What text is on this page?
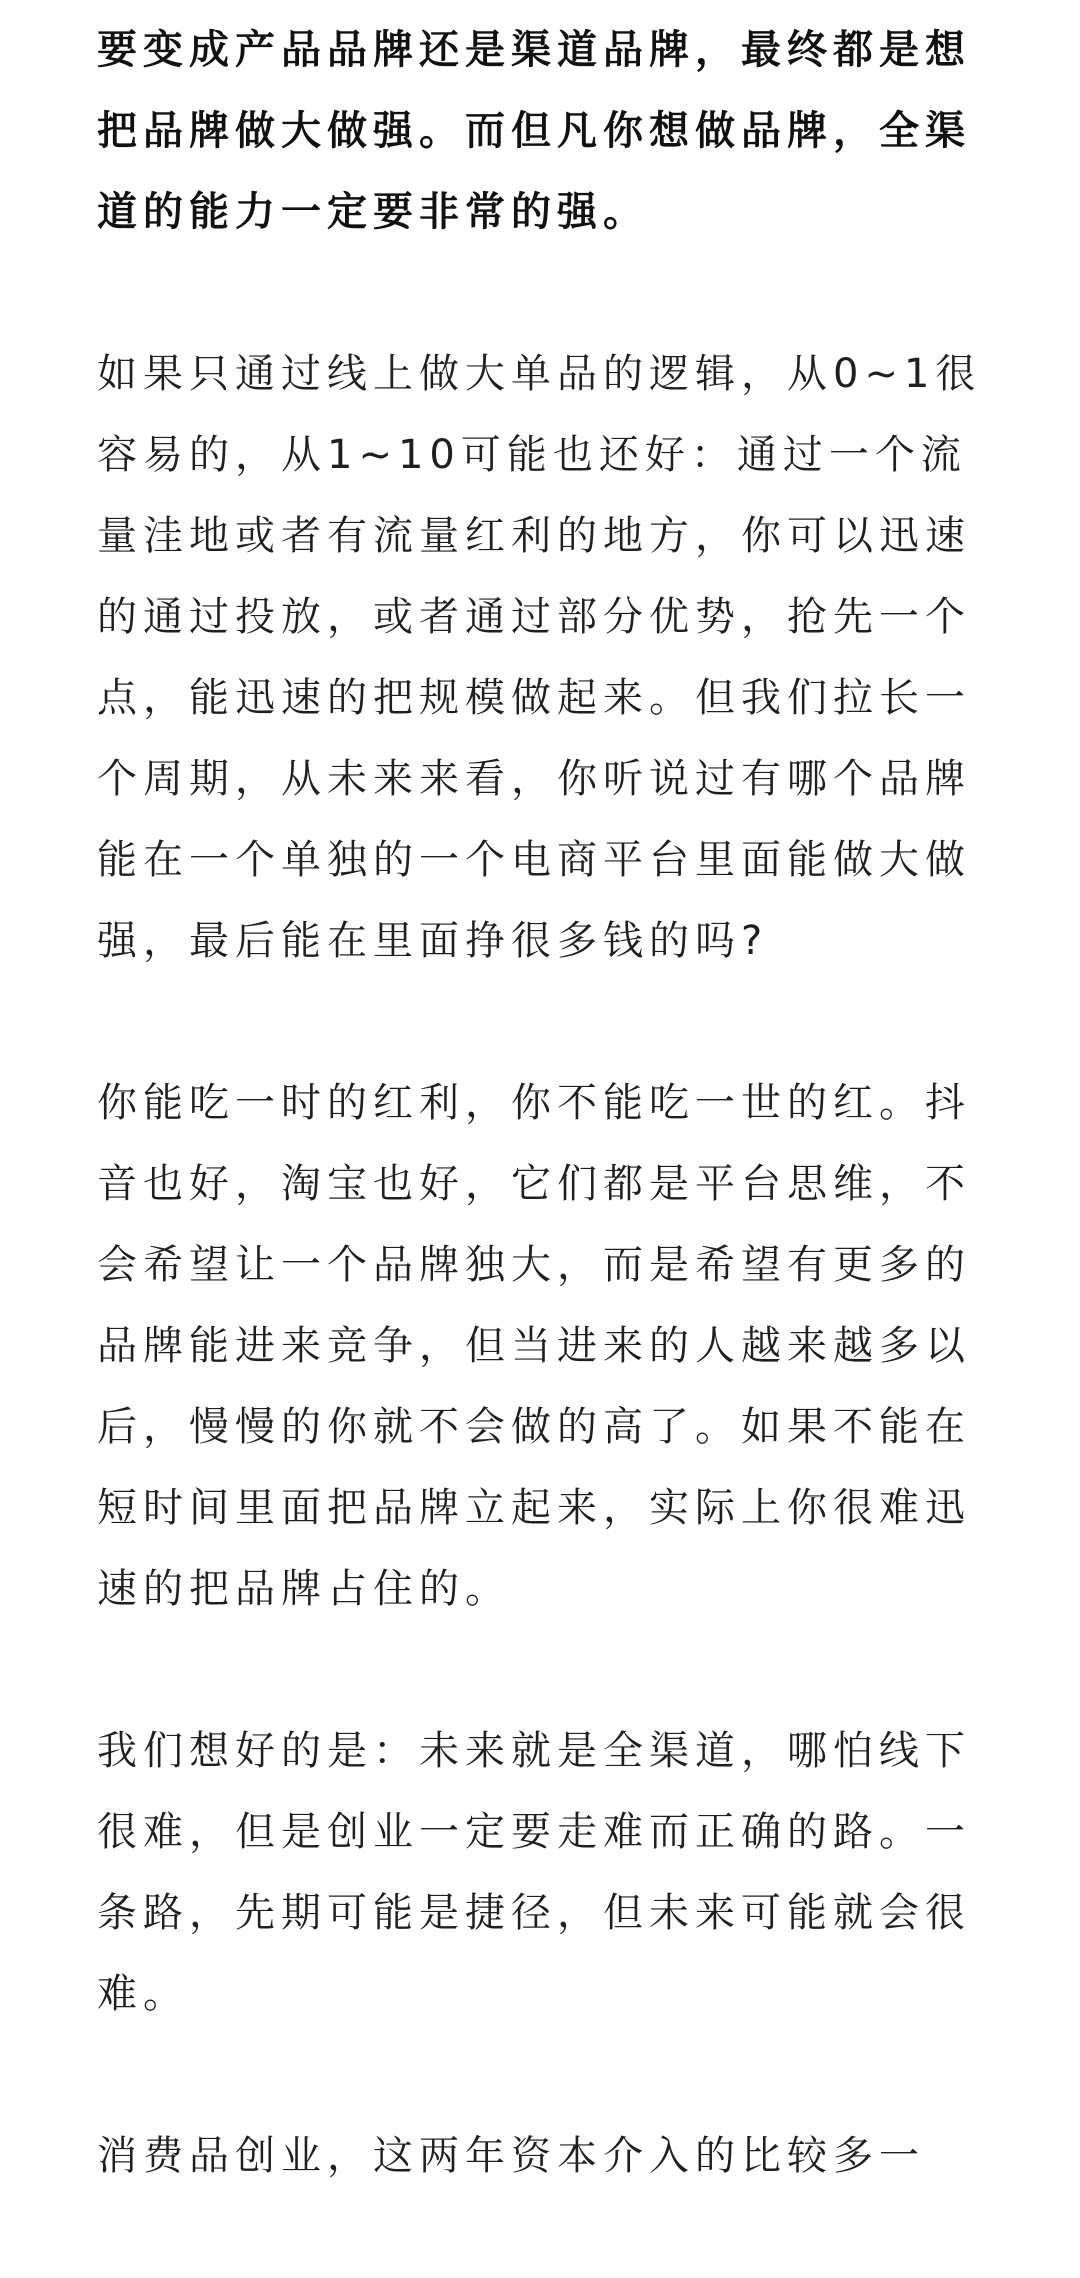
要变成产品品牌还是渠道品牌，最终都是想
把品牌做大做强。而但凡你想做品牌，全渠
道的能力一定要非常的强。

如果只通过线上做大单品的逻辑，从0~1很
容易的，从1~10可能也还好：通过一个流
量洼地或者有流量红利的地方，你可以迅速
的通过投放，或者通过部分优势，抢先一个
点，能迅速的把规模做起来。但我们拉长一
个周期，从未来来看，你听说过有哪个品牌
能在一个单独的一个电商平台里面能做大做
强，最后能在里面挣很多钱的吗?

你能吃一时的红利，你不能吃一世的红。抖
音也好，淘宝也好，它们都是平台思维，不
会希望让一个品牌独大，而是希望有更多的
品牌能进来竞争，但当进来的人越来越多以
后，慢慢的你就不会做的高了。如果不能在
短时间里面把品牌立起来，实际上你很难迅
速的把品牌占住的。

我们想好的是：未来就是全渠道，哪怕线下
很难，但是创业一定要走难而正确的路。一
条路，先期可能是捷径，但未来可能就会很
难。

消费品创业，这两年资本介入的比较多一
